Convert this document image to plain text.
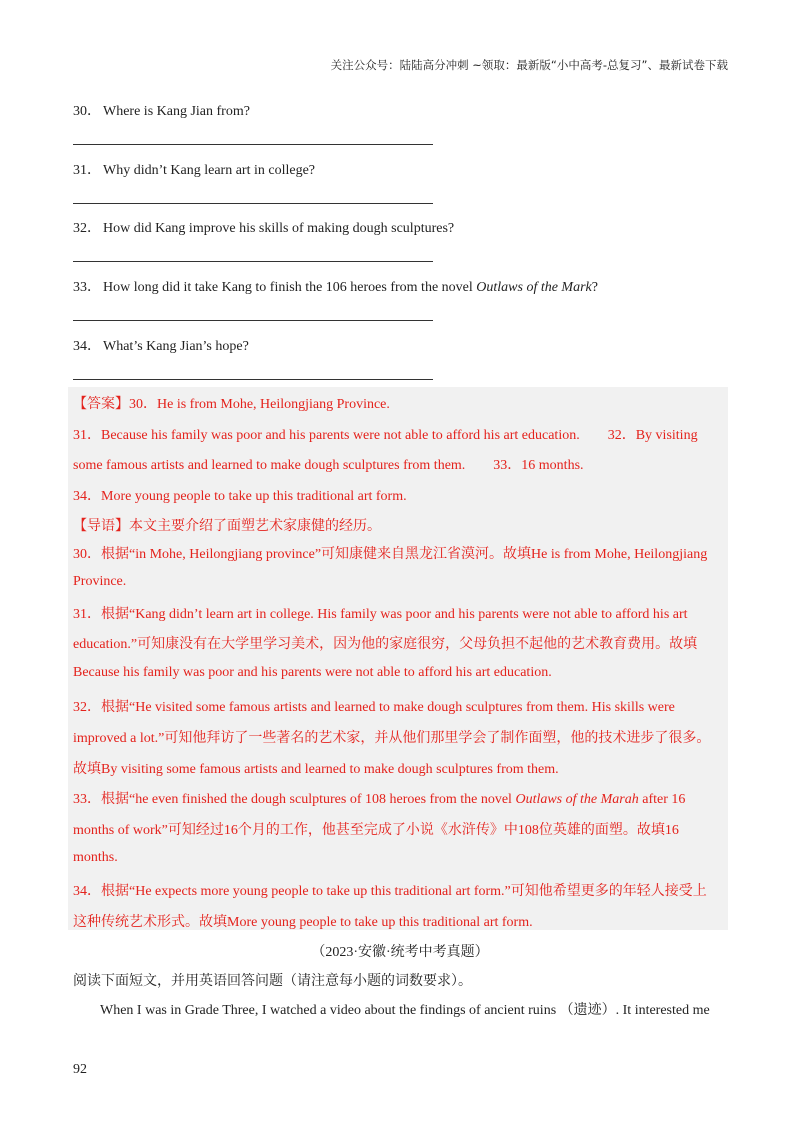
关注公众号：陆陆高分冲刺 ~领取：最新版“小中高考-总复习”、最新试卷下载
30． Where is Kang Jian from?
31． Why didn’t Kang learn art in college?
32． How did Kang improve his skills of making dough sculptures?
33． How long did it take Kang to finish the 106 heroes from the novel Outlaws of the Mark?
34． What’s Kang Jian’s hope?
【答案】30．He is from Mohe, Heilongjiang Province.
31．Because his family was poor and his parents were not able to afford his art education. 32．By visiting
some famous artists and learned to make dough sculptures from them. 33．16 months.
34．More young people to take up this traditional art form.
【导语】本文主要介绍了面塑艺术家康健的经历。
30．根据“in Mohe, Heilongjiang province”可知康健来自黑龙江省漠河。故填He is from Mohe, Heilongjiang
Province.
31．根据“Kang didn’t learn art in college. His family was poor and his parents were not able to afford his art
education.”可知康没有在大学里学习美术，因为他的家庭很穷，父母负担不起他的艺术教育费用。故填
Because his family was poor and his parents were not able to afford his art education.
32．根据“He visited some famous artists and learned to make dough sculptures from them. His skills were
improved a lot.”可知他拜访了一些著名的艺术家，并从他们那里学会了制作面塑，他的技术进步了很多。
故填By visiting some famous artists and learned to make dough sculptures from them.
33．根据“he even finished the dough sculptures of 108 heroes from the novel Outlaws of the Marah after 16
months of work”可知经过16个月的工作，他甚至完成了小说《水浒传》中108位英雄的面塑。故填16
months.
34．根据“He expects more young people to take up this traditional art form.”可知他希望更多的年轻人接受上
这种传统艺术形式。故填More young people to take up this traditional art form.
（2023·安徽·统考中考真题）
阅读下面短文，并用英语回答问题（请注意每小题的词数要求）。
When I was in Grade Three, I watched a video about the findings of ancient ruins （遗迹）. It interested me
92
